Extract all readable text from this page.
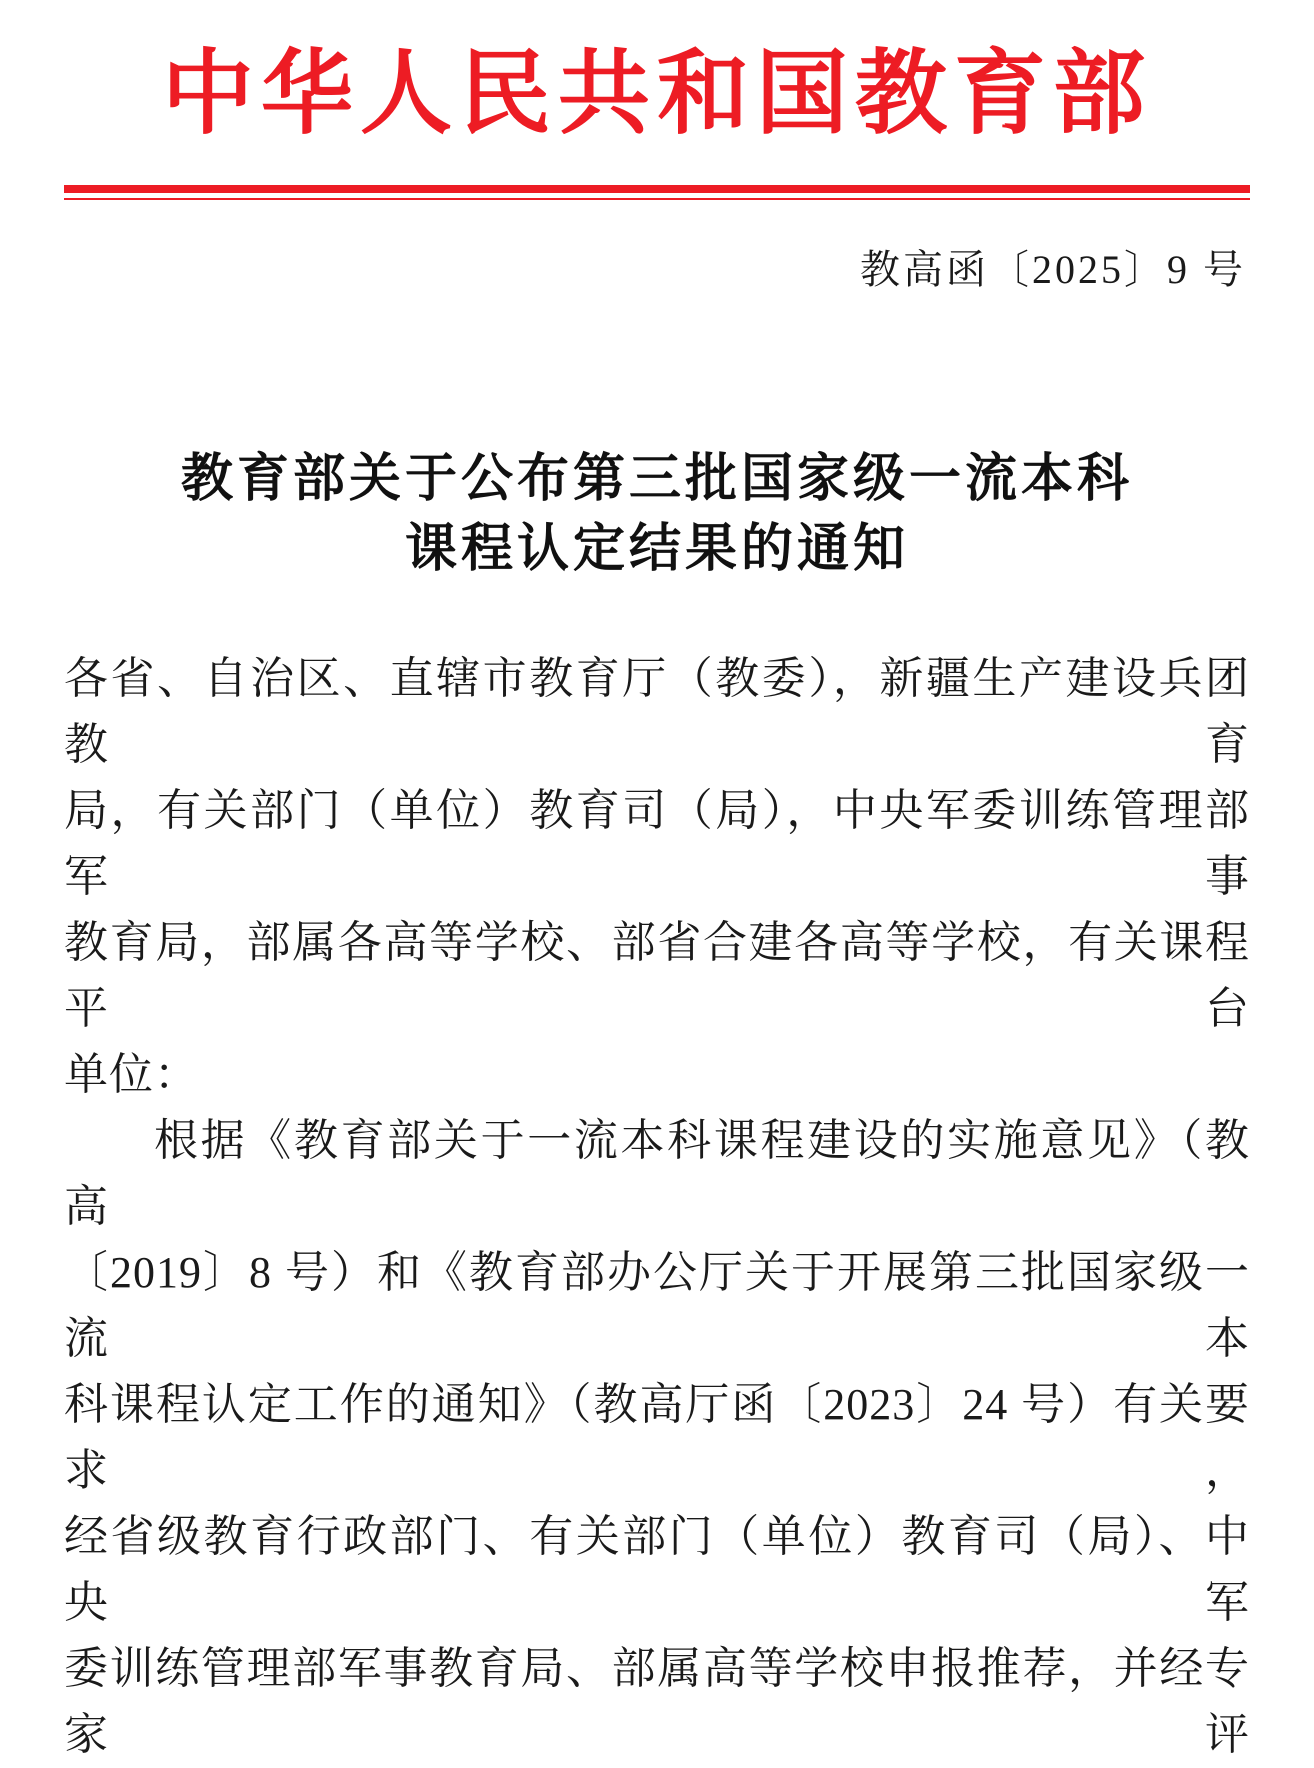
中华人民共和国教育部
教高函〔2025〕9 号
教育部关于公布第三批国家级一流本科
课程认定结果的通知

各省、自治区、直辖市教育厅（教委），新疆生产建设兵团教育

局，有关部门（单位）教育司（局），中央军委训练管理部军事

教育局，部属各高等学校、部省合建各高等学校，有关课程平台

单位：

根据《教育部关于一流本科课程建设的实施意见》（教高

〔2019〕8 号）和《教育部办公厅关于开展第三批国家级一流本

科课程认定工作的通知》（教高厅函〔2023〕24 号）有关要求，

经省级教育行政部门、有关部门（单位）教育司（局）、中央军

委训练管理部军事教育局、部属高等学校申报推荐，并经专家评
